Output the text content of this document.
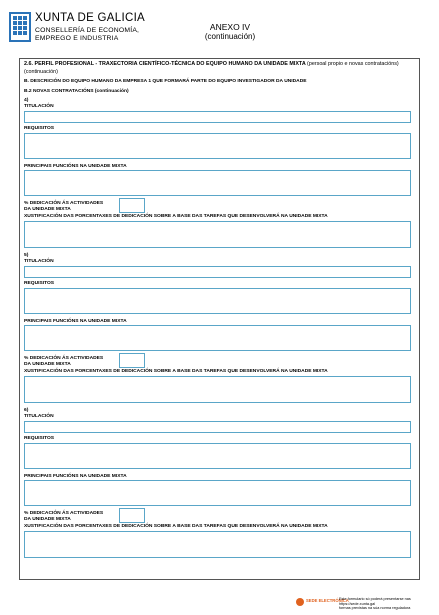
XUNTA DE GALICIA
CONSELLERÍA DE ECONOMÍA,
EMPREGO E INDUSTRIA
ANEXO IV
(continuación)
2.6. PERFIL PROFESIONAL - TRAXECTORIA CIENTÍFICO-TÉCNICA DO EQUIPO HUMANO DA UNIDADE MIXTA (persoal propio e novas contratacións) (continuación)
B. DESCRICIÓN DO EQUIPO HUMANO DA EMPRESA 1 QUE FORMARÁ PARTE DO EQUIPO INVESTIGADOR DA UNIDADE
B.2 NOVAS CONTRATACIÓNS (continuación)
4)
TITULACIÓN
REQUISITOS
PRINCIPAIS FUNCIÓNS NA UNIDADE MIXTA
% DEDICACIÓN ÁS ACTIVIDADES
DA UNIDADE MIXTA
XUSTIFICACIÓN DAS PORCENTAXES DE DEDICACIÓN SOBRE A BASE DAS TAREFAS QUE DESENVOLVERÁ NA UNIDADE MIXTA
5)
TITULACIÓN
REQUISITOS
PRINCIPAIS FUNCIÓNS NA UNIDADE MIXTA
% DEDICACIÓN ÁS ACTIVIDADES
DA UNIDADE MIXTA
XUSTIFICACIÓN DAS PORCENTAXES DE DEDICACIÓN SOBRE A BASE DAS TAREFAS QUE DESENVOLVERÁ NA UNIDADE MIXTA
6)
TITULACIÓN
REQUISITOS
PRINCIPAIS FUNCIÓNS NA UNIDADE MIXTA
% DEDICACIÓN ÁS ACTIVIDADES
DA UNIDADE MIXTA
XUSTIFICACIÓN DAS PORCENTAXES DE DEDICACIÓN SOBRE A BASE DAS TAREFAS QUE DESENVOLVERÁ NA UNIDADE MIXTA
SEDE ELECTRÓNICA
Este formulario só poderá presentarse nas
https://sede.xunta.gal
formas previstas na súa norma reguladora
